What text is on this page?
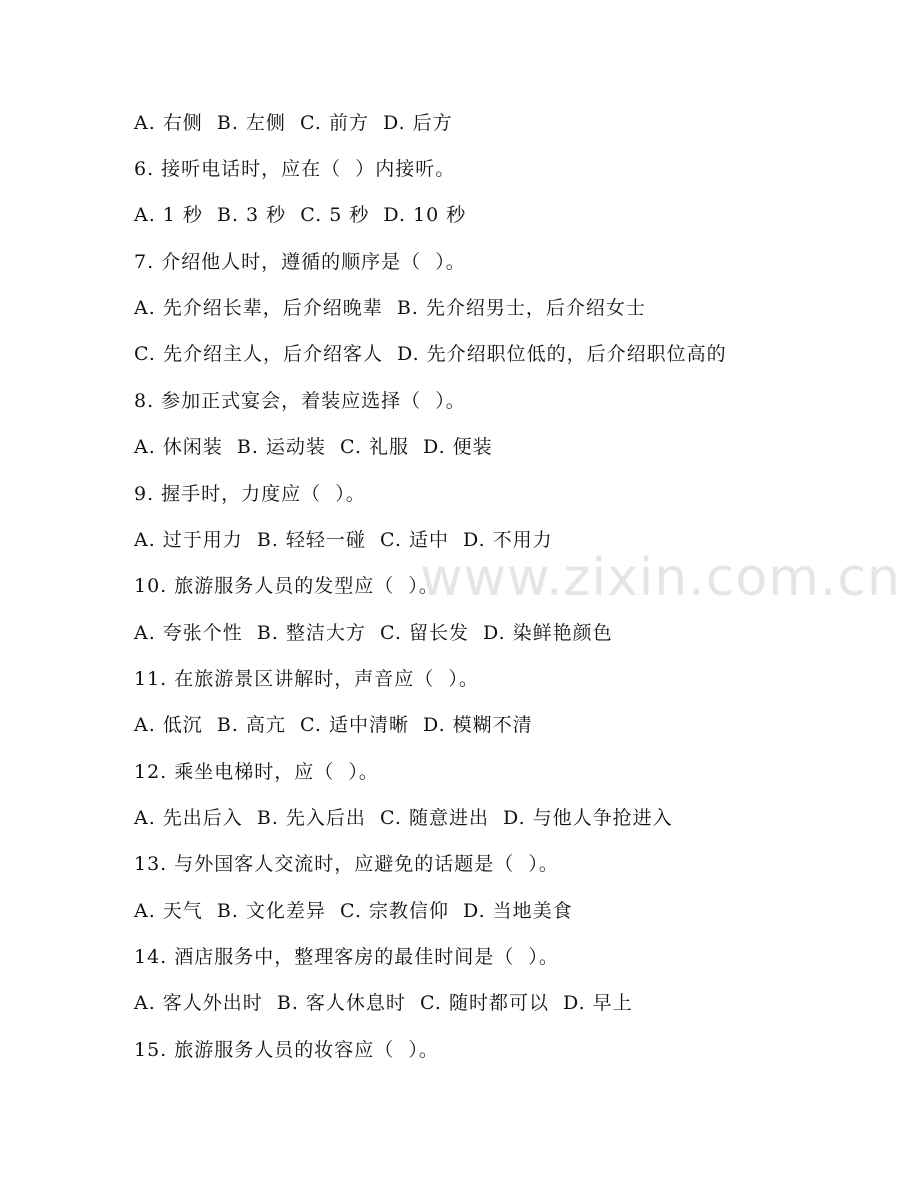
A. 右侧  B. 左侧  C. 前方  D. 后方
6. 接听电话时，应在（  ）内接听。
A. 1 秒  B. 3 秒  C. 5 秒  D. 10 秒
7. 介绍他人时，遵循的顺序是（  ）。
A. 先介绍长辈，后介绍晚辈  B. 先介绍男士，后介绍女士
C. 先介绍主人，后介绍客人  D. 先介绍职位低的，后介绍职位高的
8. 参加正式宴会，着装应选择（  ）。
A. 休闲装  B. 运动装  C. 礼服  D. 便装
9. 握手时，力度应（  ）。
A. 过于用力  B. 轻轻一碰  C. 适中  D. 不用力
10. 旅游服务人员的发型应（  ）。
A. 夸张个性  B. 整洁大方  C. 留长发  D. 染鲜艳颜色
11. 在旅游景区讲解时，声音应（  ）。
A. 低沉  B. 高亢  C. 适中清晰  D. 模糊不清
12. 乘坐电梯时，应（  ）。
A. 先出后入  B. 先入后出  C. 随意进出  D. 与他人争抢进入
13. 与外国客人交流时，应避免的话题是（  ）。
A. 天气  B. 文化差异  C. 宗教信仰  D. 当地美食
14. 酒店服务中，整理客房的最佳时间是（  ）。
A. 客人外出时  B. 客人休息时  C. 随时都可以  D. 早上
15. 旅游服务人员的妆容应（  ）。
www.zixin.com.cn
